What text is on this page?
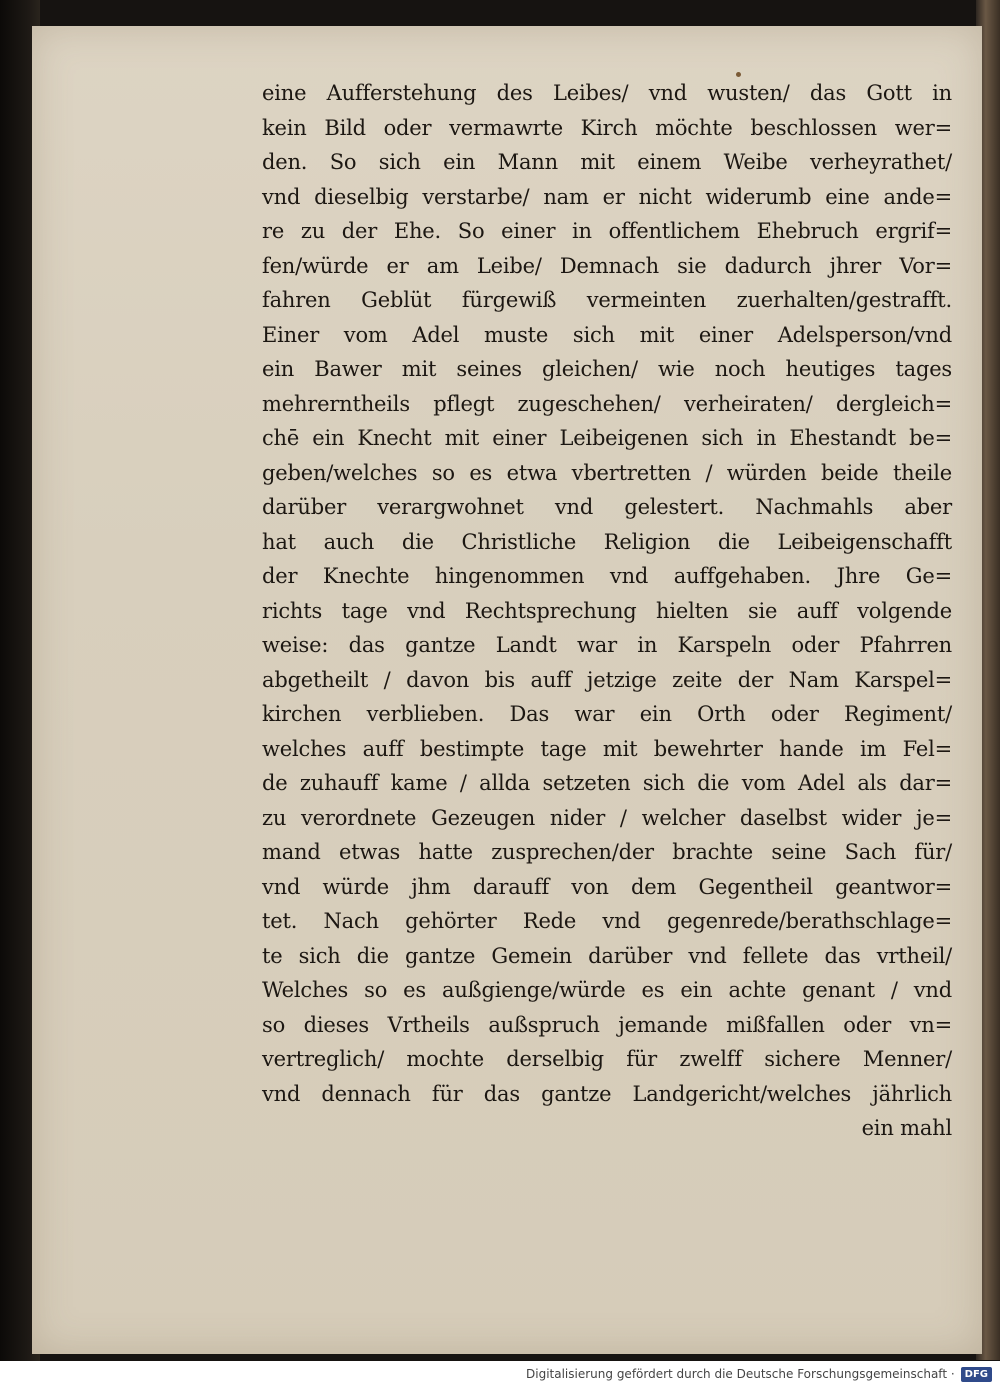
eine Aufferstehung des Leibes/ vnd wusten/ das Gott in
kein Bild oder vermawrte Kirch möchte beschlossen wer=
den. So sich ein Mann mit einem Weibe verheyrathet/
vnd dieselbig verstarbe/ nam er nicht widerumb eine ande=
re zu der Ehe. So einer in offentlichem Ehebruch ergrif=
fen/würde er am Leibe/ Demnach sie dadurch jhrer Vor=
fahren Geblüt fürgewiß vermeinten zuerhalten/gestrafft.
Einer vom Adel muste sich mit einer Adelsperson/vnd
ein Bawer mit seines gleichen/ wie noch heutiges tages
mehrerntheils pflegt zugeschehen/ verheiraten/ dergleich=
chē ein Knecht mit einer Leibeigenen sich in Ehestandt be=
geben/welches so es etwa vbertretten / würden beide theile
darüber verargwohnet vnd gelestert. Nachmahls aber
hat auch die Christliche Religion die Leibeigenschafft
der Knechte hingenommen vnd auffgehaben. Jhre Ge=
richts tage vnd Rechtsprechung hielten sie auff volgende
weise: das gantze Landt war in Karspeln oder Pfahrren
abgetheilt / davon bis auff jetzige zeite der Nam Karspel=
kirchen verblieben. Das war ein Orth oder Regiment/
welches auff bestimpte tage mit bewehrter hande im Fel=
de zuhauff kame / allda setzeten sich die vom Adel als dar=
zu verordnete Gezeugen nider / welcher daselbst wider je=
mand etwas hatte zusprechen/der brachte seine Sach für/
vnd würde jhm darauff von dem Gegentheil geantwor=
tet. Nach gehörter Rede vnd gegenrede/berathschlage=
te sich die gantze Gemein darüber vnd fellete das vrtheil/
Welches so es außgienge/würde es ein achte genant / vnd
so dieses Vrtheils außspruch jemande mißfallen oder vn=
vertreglich/ mochte derselbig für zwelff sichere Menner/
vnd dennach für das gantze Landgericht/welches jährlich
ein mahl
Digitalisierung gefördert durch die Deutsche Forschungsgemeinschaft ·	DFG
